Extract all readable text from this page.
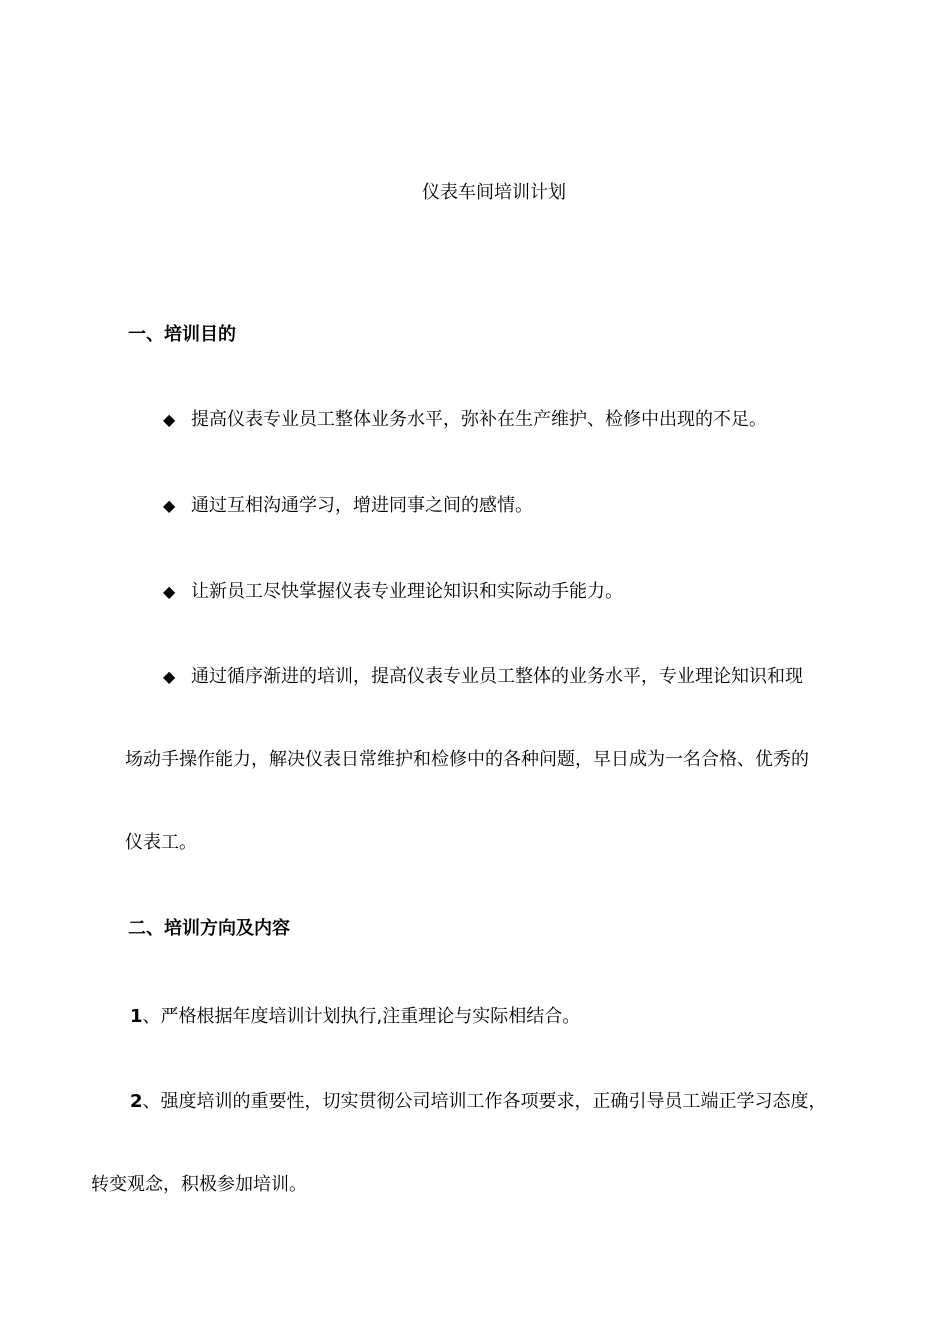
仪表车间培训计划
一、培训目的
◆ 提高仪表专业员工整体业务水平，弥补在生产维护、检修中出现的不足。
◆ 通过互相沟通学习，增进同事之间的感情。
◆ 让新员工尽快掌握仪表专业理论知识和实际动手能力。
◆ 通过循序渐进的培训，提高仪表专业员工整体的业务水平，专业理论知识和现
场动手操作能力，解决仪表日常维护和检修中的各种问题，早日成为一名合格、优秀的
仪表工。
二、培训方向及内容
1、严格根据年度培训计划执行,注重理论与实际相结合。
2、强度培训的重要性，切实贯彻公司培训工作各项要求，正确引导员工端正学习态度，
转变观念，积极参加培训。
